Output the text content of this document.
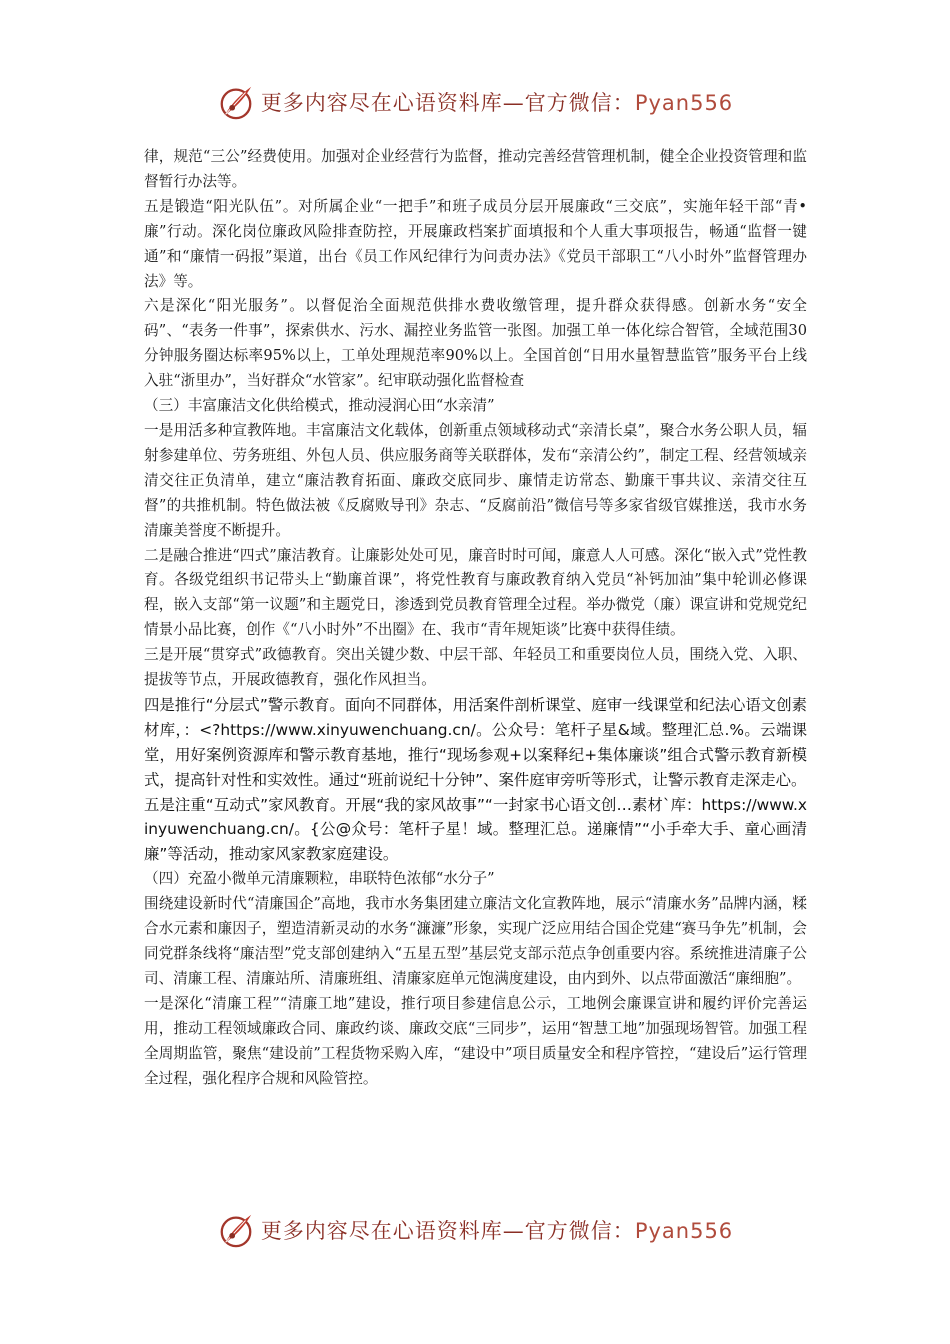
更多内容尽在心语资料库—官方微信：Pyan556

律，规范“三公”经费使用。加强对企业经营行为监督，推动完善经营管理机制，健全企业投资管理和监督暂行办法等。

五是锻造“阳光队伍”。对所属企业“一把手”和班子成员分层开展廉政“三交底”，实施年轻干部“青•廉”行动。深化岗位廉政风险排查防控，开展廉政档案扩面填报和个人重大事项报告，畅通“监督一键通”和“廉情一码报”渠道，出台《员工作风纪律行为问责办法》《党员干部职工“八小时外”监督管理办法》等。

六是深化“阳光服务”。以督促治全面规范供排水费收缴管理，提升群众获得感。创新水务“安全码”、“表务一件事”，探索供水、污水、漏控业务监管一张图。加强工单一体化综合智管，全域范围30分钟服务圈达标率95%以上，工单处理规范率90%以上。全国首创“日用水量智慧监管”服务平台上线入驻“浙里办”，当好群众“水管家”。纪审联动强化监督检查

（三）丰富廉洁文化供给模式，推动浸润心田“水亲清”

一是用活多种宣教阵地。丰富廉洁文化载体，创新重点领域移动式“亲清长桌”，聚合水务公职人员，辐射参建单位、劳务班组、外包人员、供应服务商等关联群体，发布“亲清公约”，制定工程、经营领域亲清交往正负清单，建立“廉洁教育拓面、廉政交底同步、廉情走访常态、勤廉干事共议、亲清交往互督”的共推机制。特色做法被《反腐败导刊》杂志、“反腐前沿”微信号等多家省级官媒推送，我市水务清廉美誉度不断提升。

二是融合推进“四式”廉洁教育。让廉影处处可见，廉音时时可闻，廉意人人可感。深化“嵌入式”党性教育。各级党组织书记带头上“勤廉首课”，将党性教育与廉政教育纳入党员“补钙加油”集中轮训必修课程，嵌入支部“第一议题”和主题党日，渗透到党员教育管理全过程。举办微党（廉）课宣讲和党规党纪情景小品比赛，创作《“八小时外”不出圈》在、我市“青年规矩谈”比赛中获得佳绩。

三是开展“贯穿式”政德教育。突出关键少数、中层干部、年轻员工和重要岗位人员，围绕入党、入职、提拔等节点，开展政德教育，强化作风担当。

四是推行“分层式”警示教育。面向不同群体，用活案件剖析课堂、庭审一线课堂和纪法心语文创素材库，：<?https://www.xinyuwenchuang.cn/。公众号：笔杆子星&域。整理汇总.%。云端课堂，用好案例资源库和警示教育基地，推行“现场参观+以案释纪+集体廉谈”组合式警示教育新模式，提高针对性和实效性。通过“班前说纪十分钟”、案件庭审旁听等形式，让警示教育走深走心。

五是注重“互动式”家风教育。开展“我的家风故事”“一封家书心语文创…素材`库：https://www.xinyuwenchuang.cn/。{公@众号：笔杆子星！域。整理汇总。递廉情”“小手牵大手、童心画清廉”等活动，推动家风家教家庭建设。

（四）充盈小微单元清廉颗粒，串联特色浓郁“水分子”

围绕建设新时代“清廉国企”高地，我市水务集团建立廉洁文化宣教阵地，展示“清廉水务”品牌内涵，糅合水元素和廉因子，塑造清新灵动的水务“濂濂”形象，实现广泛应用结合国企党建“赛马争先”机制，会同党群条线将“廉洁型”党支部创建纳入“五星五型”基层党支部示范点争创重要内容。系统推进清廉子公司、清廉工程、清廉站所、清廉班组、清廉家庭单元饱满度建设，由内到外、以点带面激活“廉细胞”。

一是深化“清廉工程”“清廉工地”建设，推行项目参建信息公示，工地例会廉课宣讲和履约评价完善运用，推动工程领域廉政合同、廉政约谈、廉政交底“三同步”，运用“智慧工地”加强现场智管。加强工程全周期监管，聚焦“建设前”工程货物采购入库，“建设中”项目质量安全和程序管控，“建设后”运行管理全过程，强化程序合规和风险管控。

更多内容尽在心语资料库—官方微信：Pyan556
